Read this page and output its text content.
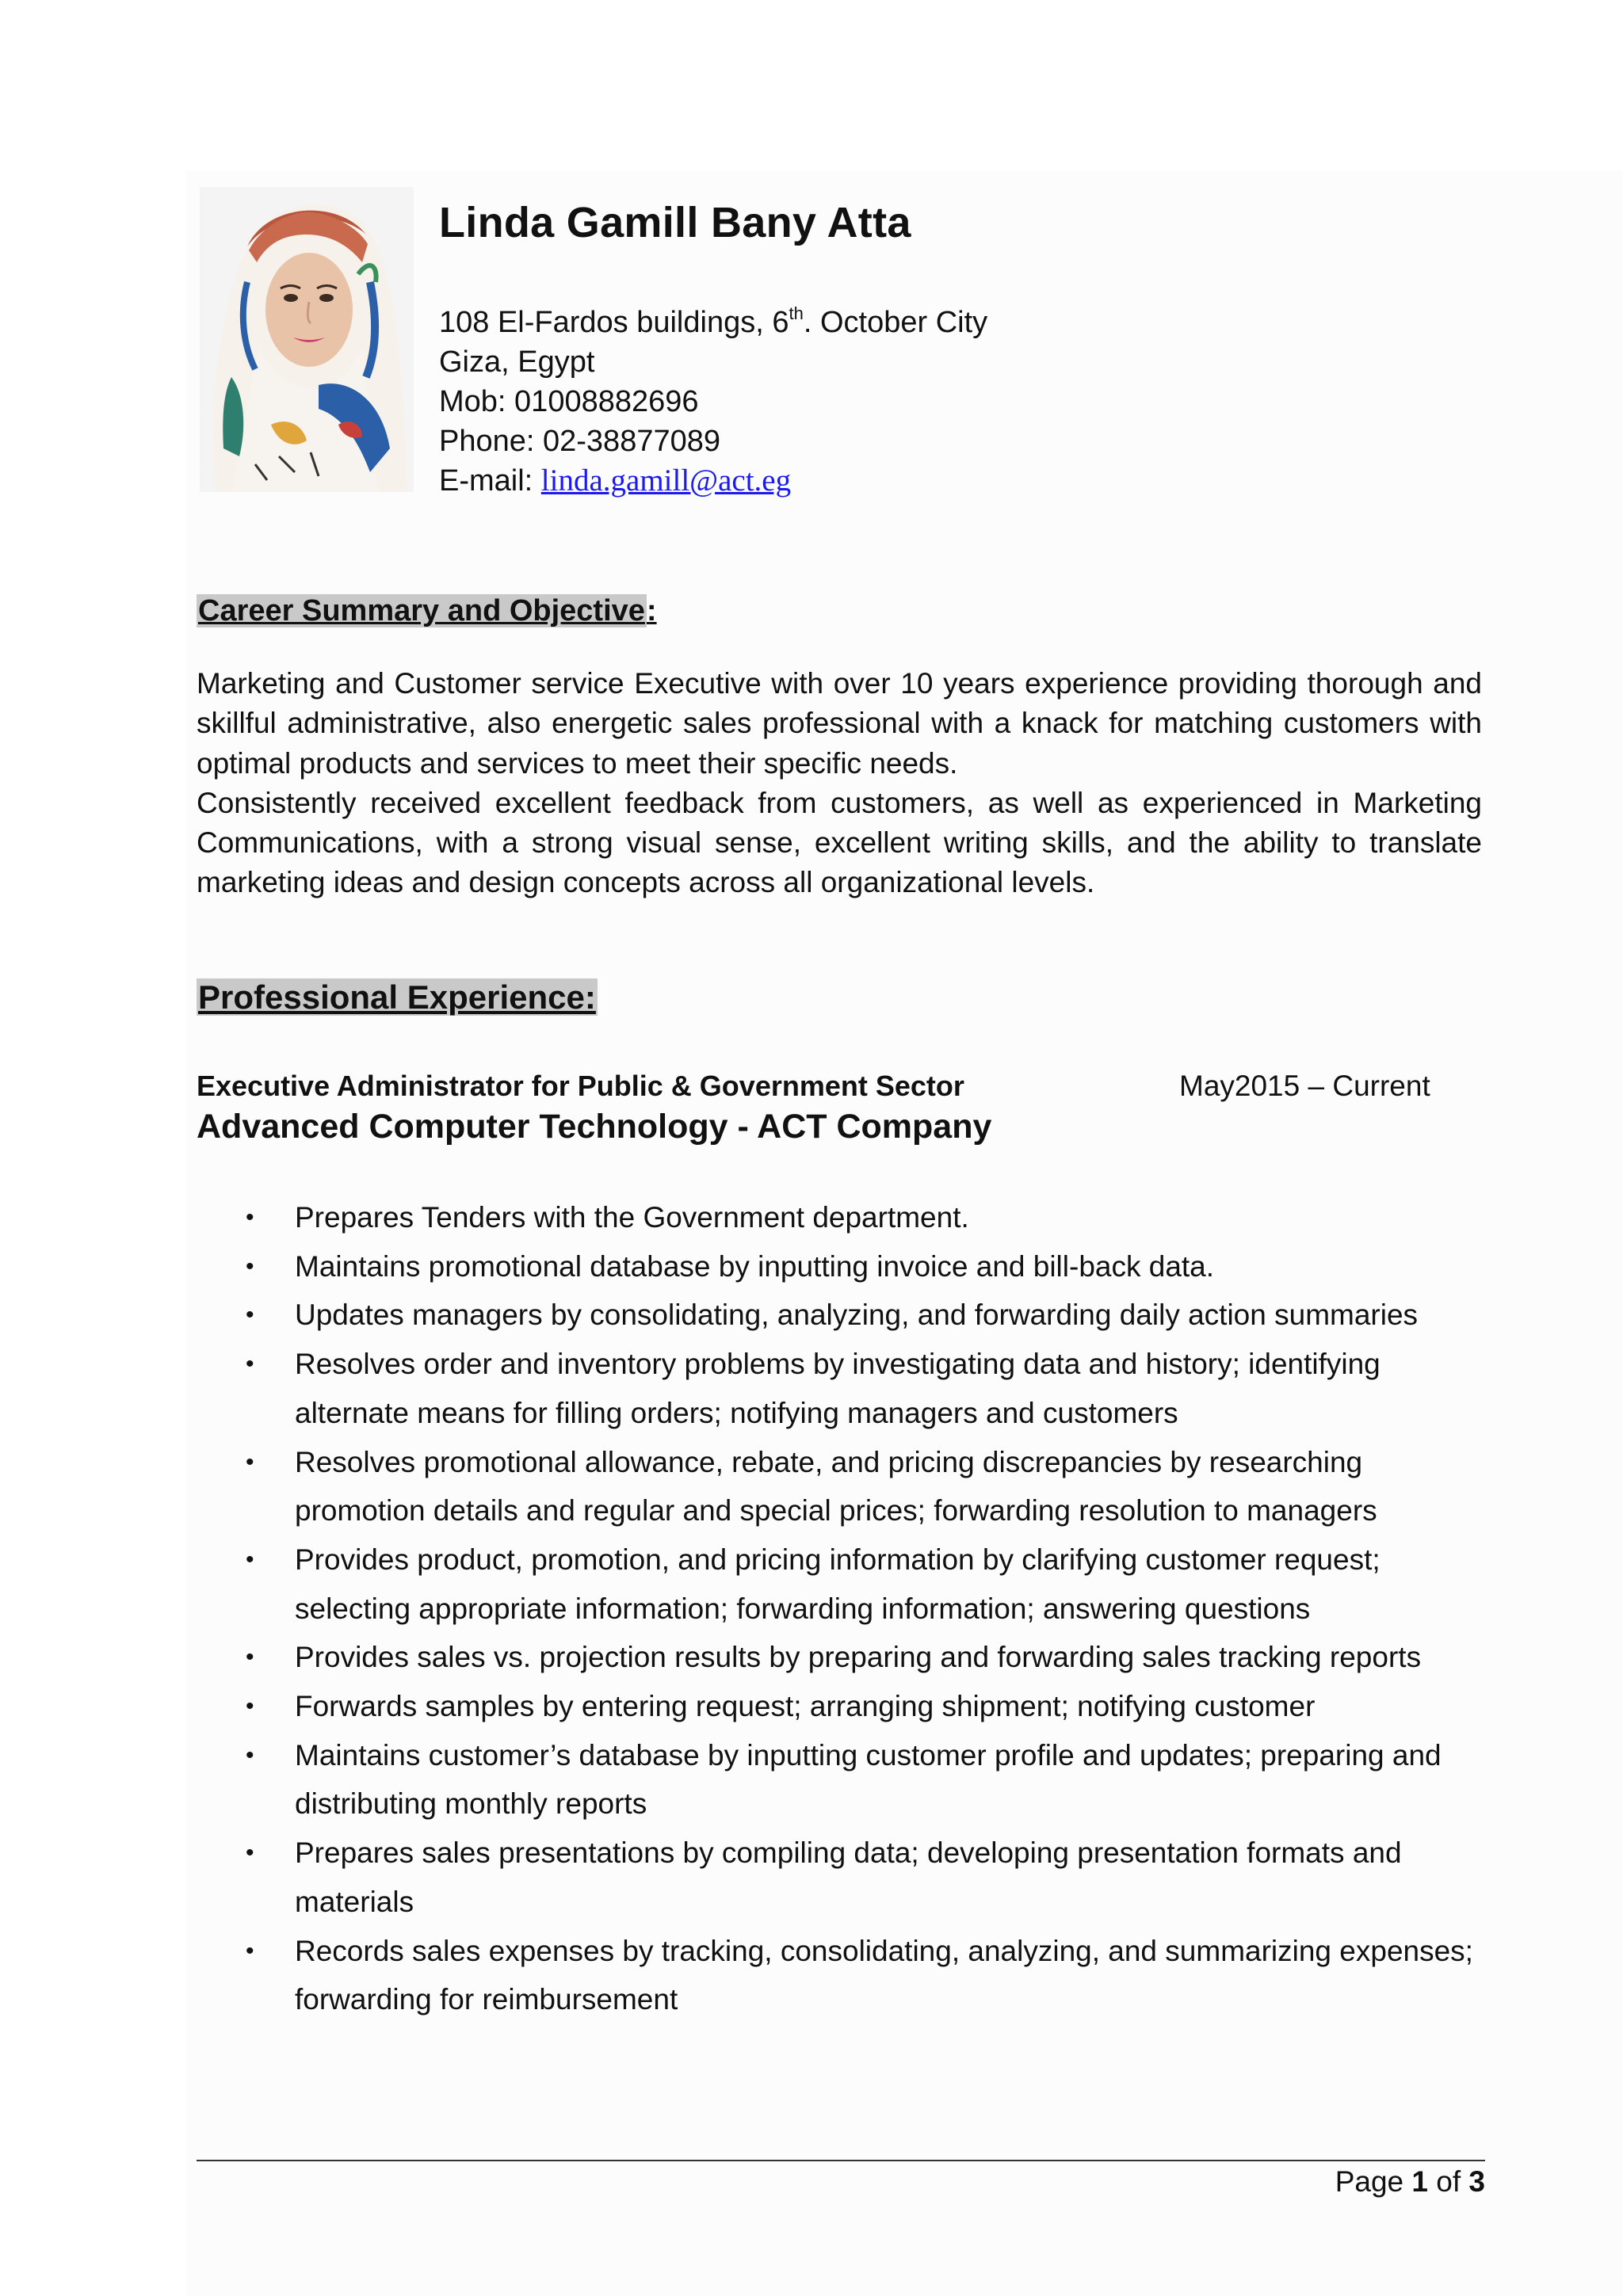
Linda Gamill Bany Atta
108 El-Fardos buildings, 6th. October City
Giza, Egypt
Mob: 01008882696
Phone: 02-38877089
E-mail: linda.gamill@act.eg
Career Summary and Objective:

Marketing and Customer service Executive with over 10 years experience providing thorough and skillful administrative, also energetic sales professional with a knack for matching customers with optimal products and services to meet their specific needs.

Consistently received excellent feedback from customers, as well as experienced in Marketing Communications, with a strong visual sense, excellent writing skills, and the ability to translate marketing ideas and design concepts across all organizational levels.

Professional Experience:
Executive Administrator for Public & Government Sector	May2015 – Current
Advanced Computer Technology - ACT Company
• Prepares Tenders with the Government department.
• Maintains promotional database by inputting invoice and bill-back data.
• Updates managers by consolidating, analyzing, and forwarding daily action summaries
• Resolves order and inventory problems by investigating data and history; identifying alternate means for filling orders; notifying managers and customers
• Resolves promotional allowance, rebate, and pricing discrepancies by researching promotion details and regular and special prices; forwarding resolution to managers
• Provides product, promotion, and pricing information by clarifying customer request; selecting appropriate information; forwarding information; answering questions
• Provides sales vs. projection results by preparing and forwarding sales tracking reports
• Forwards samples by entering request; arranging shipment; notifying customer
• Maintains customer’s database by inputting customer profile and updates; preparing and distributing monthly reports
• Prepares sales presentations by compiling data; developing presentation formats and materials
• Records sales expenses by tracking, consolidating, analyzing, and summarizing expenses; forwarding for reimbursement
Page 1 of 3
